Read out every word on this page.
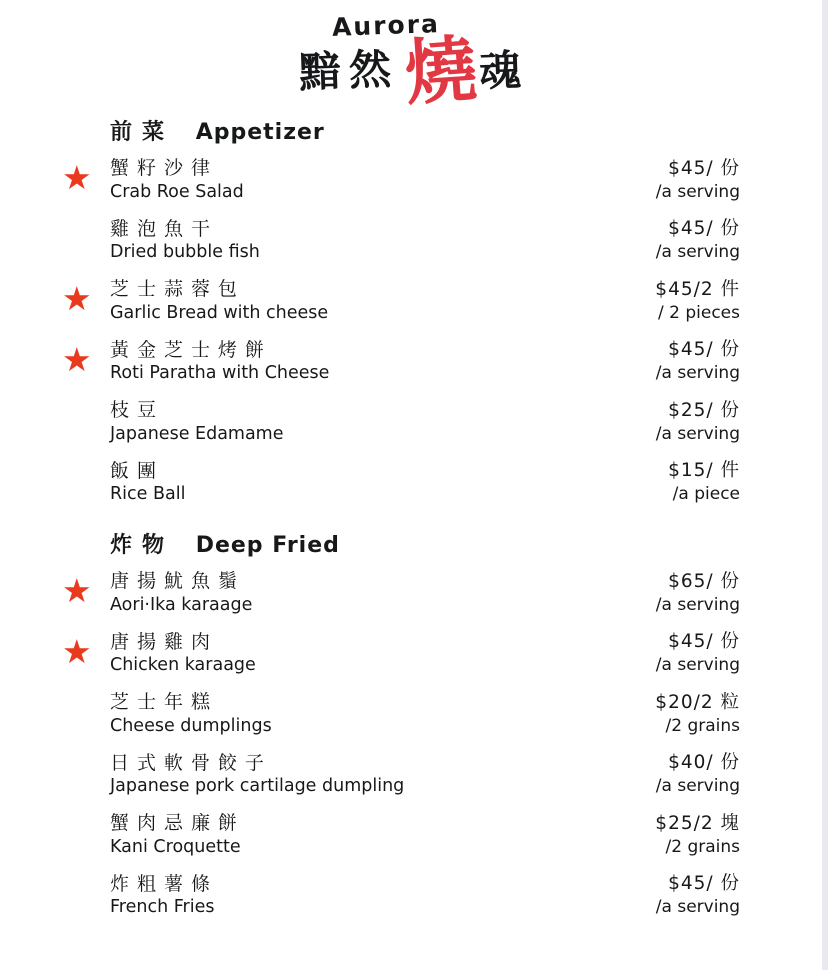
Aurora
黯然 燒
魂
前菜 Appetizer
★ 蟹籽沙律
Crab Roe Salad
$45/ 份
/a serving
雞泡魚干
Dried bubble fish
$45/ 份
/a serving
★ 芝士蒜蓉包
Garlic Bread with cheese
$45/2 件
/ 2 pieces
★ 黃金芝士烤餅
Roti Paratha with Cheese
$45/ 份
/a serving
枝豆
Japanese Edamame
$25/ 份
/a serving
飯團
Rice Ball
$15/ 件
/a piece
炸物 Deep Fried
★ 唐揚魷魚鬚
Aori·Ika karaage
$65/ 份
/a serving
★ 唐揚雞肉
Chicken karaage
$45/ 份
/a serving
芝士年糕
Cheese dumplings
$20/2 粒
/2 grains
日式軟骨餃子
Japanese pork cartilage dumpling
$40/ 份
/a serving
蟹肉忌廉餅
Kani Croquette
$25/2 塊
/2 grains
炸粗薯條
French Fries
$45/ 份
/a serving
